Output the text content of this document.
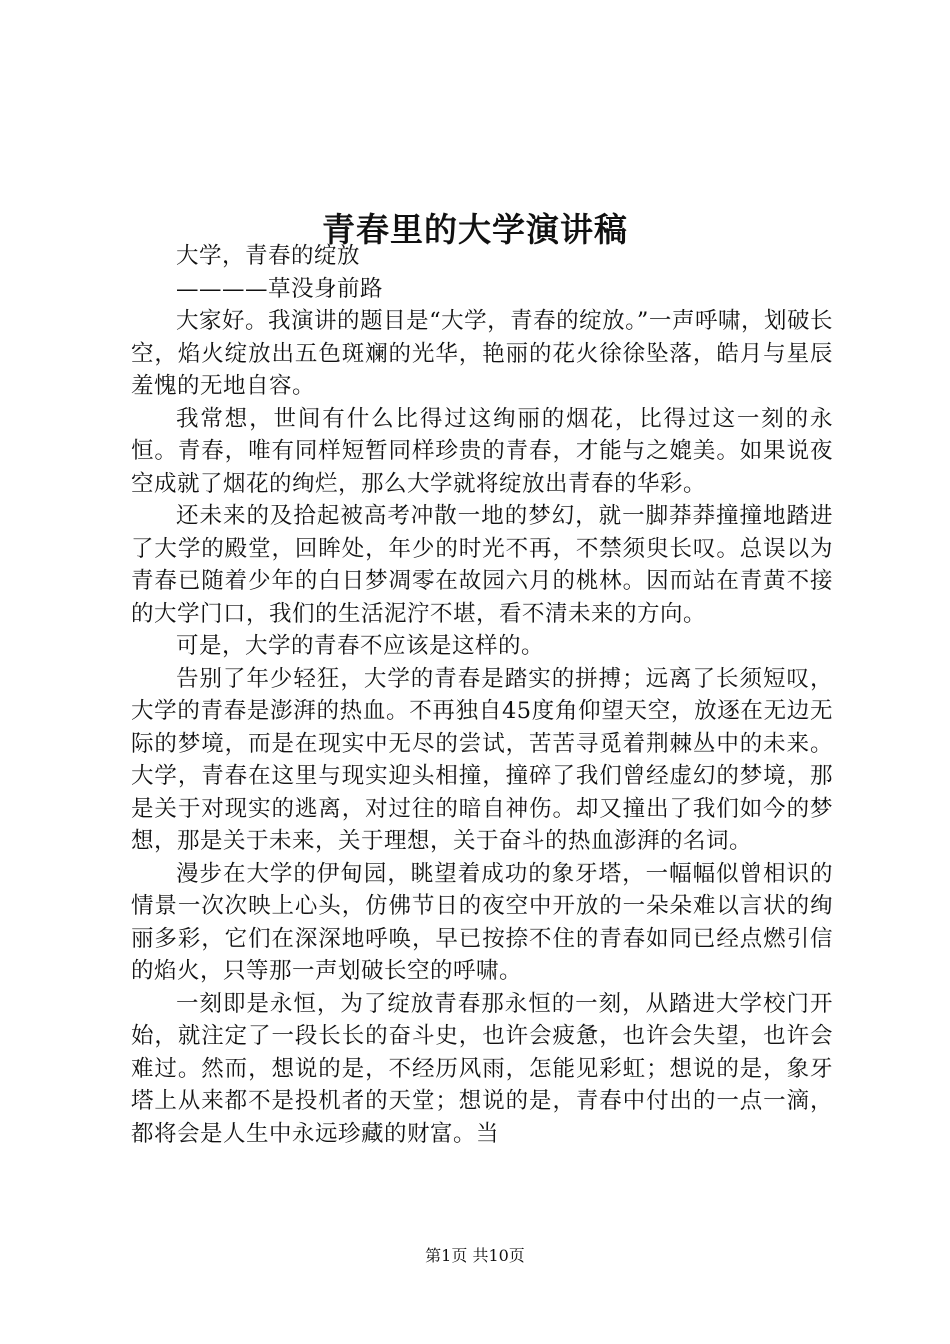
青春里的大学演讲稿

大学，青春的绽放

————草没身前路

大家好。我演讲的题目是“大学，青春的绽放。”一声呼啸，划破长空，焰火绽放出五色斑斓的光华，艳丽的花火徐徐坠落，皓月与星辰羞愧的无地自容。

我常想，世间有什么比得过这绚丽的烟花，比得过这一刻的永恒。青春，唯有同样短暂同样珍贵的青春，才能与之媲美。如果说夜空成就了烟花的绚烂，那么大学就将绽放出青春的华彩。

还未来的及拾起被高考冲散一地的梦幻，就一脚莽莽撞撞地踏进了大学的殿堂，回眸处，年少的时光不再，不禁须臾长叹。总误以为青春已随着少年的白日梦凋零在故园六月的桃林。因而站在青黄不接的大学门口，我们的生活泥泞不堪，看不清未来的方向。

可是，大学的青春不应该是这样的。

告别了年少轻狂，大学的青春是踏实的拼搏；远离了长须短叹，大学的青春是澎湃的热血。不再独自45度角仰望天空，放逐在无边无际的梦境，而是在现实中无尽的尝试，苦苦寻觅着荆棘丛中的未来。大学，青春在这里与现实迎头相撞，撞碎了我们曾经虚幻的梦境，那是关于对现实的逃离，对过往的暗自神伤。却又撞出了我们如今的梦想，那是关于未来，关于理想，关于奋斗的热血澎湃的名词。

漫步在大学的伊甸园，眺望着成功的象牙塔，一幅幅似曾相识的情景一次次映上心头，仿佛节日的夜空中开放的一朵朵难以言状的绚丽多彩，它们在深深地呼唤，早已按捺不住的青春如同已经点燃引信的焰火，只等那一声划破长空的呼啸。

一刻即是永恒，为了绽放青春那永恒的一刻，从踏进大学校门开始，就注定了一段长长的奋斗史，也许会疲惫，也许会失望，也许会难过。然而，想说的是，不经历风雨，怎能见彩虹；想说的是，象牙塔上从来都不是投机者的天堂；想说的是，青春中付出的一点一滴，都将会是人生中永远珍藏的财富。当

第1页 共10页
